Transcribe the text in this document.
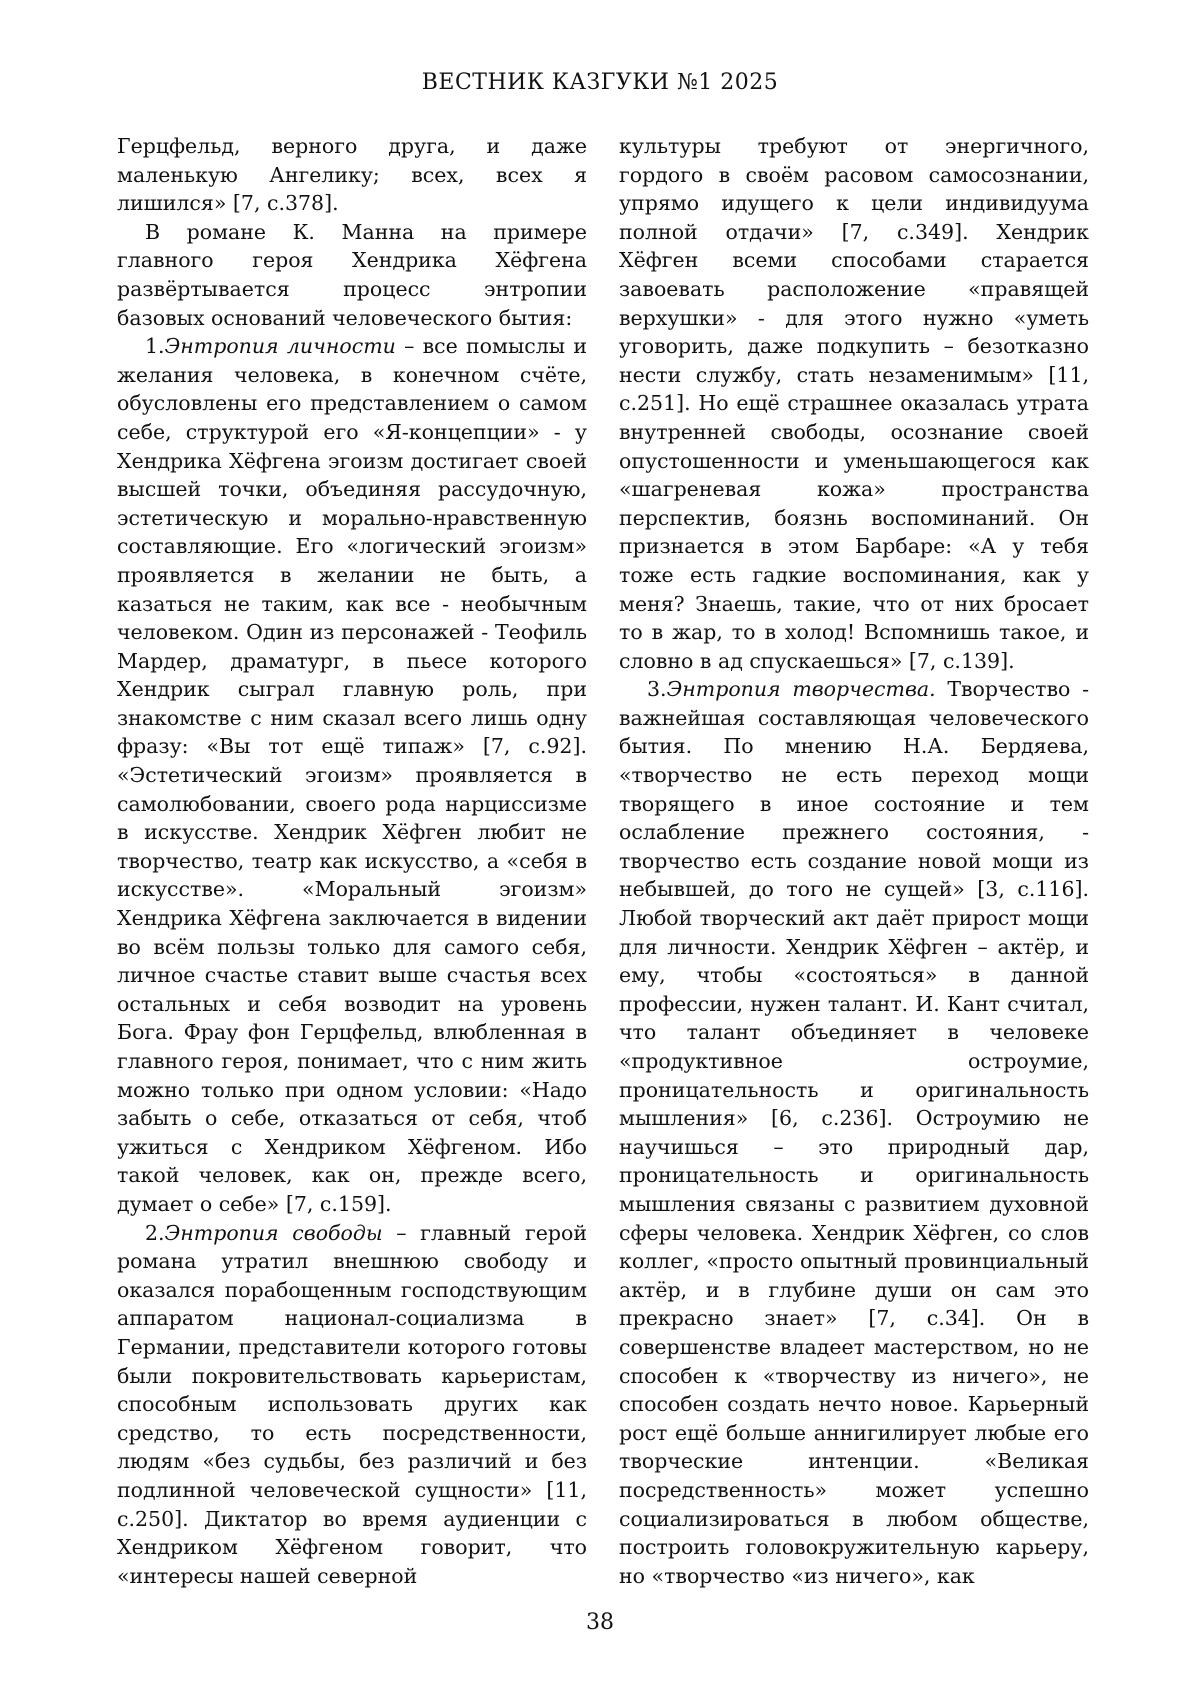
ВЕСТНИК КАЗГУКИ №1 2025

Герцфельд, верного друга, и даже маленькую Ангелику; всех, всех я лишился» [7, с.378].

В романе К. Манна на примере главного героя Хендрика Хёфгена развёртывается процесс энтропии базовых оснований человеческого бытия:

1.Энтропия личности – все помыслы и желания человека, в конечном счёте, обусловлены его представлением о самом себе, структурой его «Я-концепции» - у Хендрика Хёфгена эгоизм достигает своей высшей точки, объединяя рассудочную, эстетическую и морально-нравственную составляющие. Его «логический эгоизм» проявляется в желании не быть, а казаться не таким, как все - необычным человеком. Один из персонажей - Теофиль Мардер, драматург, в пьесе которого Хендрик сыграл главную роль, при знакомстве с ним сказал всего лишь одну фразу: «Вы тот ещё типаж» [7, с.92]. «Эстетический эгоизм» проявляется в самолюбовании, своего рода нарциссизме в искусстве. Хендрик Хёфген любит не творчество, театр как искусство, а «себя в искусстве». «Моральный эгоизм» Хендрика Хёфгена заключается в видении во всём пользы только для самого себя, личное счастье ставит выше счастья всех остальных и себя возводит на уровень Бога. Фрау фон Герцфельд, влюбленная в главного героя, понимает, что с ним жить можно только при одном условии: «Надо забыть о себе, отказаться от себя, чтоб ужиться с Хендриком Хёфгеном. Ибо такой человек, как он, прежде всего, думает о себе» [7, с.159].

2.Энтропия свободы – главный герой романа утратил внешнюю свободу и оказался порабощенным господствующим аппаратом национал-социализма в Германии, представители которого готовы были покровительствовать карьеристам, способным использовать других как средство, то есть посредственности, людям «без судьбы, без различий и без подлинной человеческой сущности» [11, с.250]. Диктатор во время аудиенции с Хендриком Хёфгеном говорит, что «интересы нашей северной

культуры требуют от энергичного, гордого в своём расовом самосознании, упрямо идущего к цели индивидуума полной отдачи» [7, с.349]. Хендрик Хёфген всеми способами старается завоевать расположение «правящей верхушки» - для этого нужно «уметь уговорить, даже подкупить – безотказно нести службу, стать незаменимым» [11, с.251]. Но ещё страшнее оказалась утрата внутренней свободы, осознание своей опустошенности и уменьшающегося как «шагреневая кожа» пространства перспектив, боязнь воспоминаний. Он признается в этом Барбаре: «А у тебя тоже есть гадкие воспоминания, как у меня? Знаешь, такие, что от них бросает то в жар, то в холод! Вспомнишь такое, и словно в ад спускаешься» [7, с.139].

3.Энтропия творчества. Творчество - важнейшая составляющая человеческого бытия. По мнению Н.А. Бердяева, «творчество не есть переход мощи творящего в иное состояние и тем ослабление прежнего состояния, - творчество есть создание новой мощи из небывшей, до того не сущей» [3, с.116]. Любой творческий акт даёт прирост мощи для личности. Хендрик Хёфген – актёр, и ему, чтобы «состояться» в данной профессии, нужен талант. И. Кант считал, что талант объединяет в человеке «продуктивное остроумие, проницательность и оригинальность мышления» [6, с.236]. Остроумию не научишься – это природный дар, проницательность и оригинальность мышления связаны с развитием духовной сферы человека. Хендрик Хёфген, со слов коллег, «просто опытный провинциальный актёр, и в глубине души он сам это прекрасно знает» [7, с.34]. Он в совершенстве владеет мастерством, но не способен к «творчеству из ничего», не способен создать нечто новое. Карьерный рост ещё больше аннигилирует любые его творческие интенции. «Великая посредственность» может успешно социализироваться в любом обществе, построить головокружительную карьеру, но «творчество «из ничего», как

38
